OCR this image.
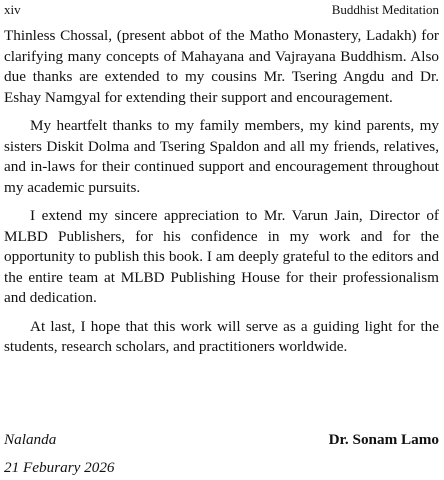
xiv	Buddhist Meditation

Thinless Chossal, (present abbot of the Matho Monastery, Ladakh) for clarifying many concepts of Mahayana and Vajrayana Buddhism. Also due thanks are extended to my cousins Mr. Tsering Angdu and Dr. Eshay Namgyal for extending their support and encouragement.

My heartfelt thanks to my family members, my kind parents, my sisters Diskit Dolma and Tsering Spaldon and all my friends, relatives, and in-laws for their continued support and encouragement throughout my academic pursuits.

I extend my sincere appreciation to Mr. Varun Jain, Director of MLBD Publishers, for his confidence in my work and for the opportunity to publish this book. I am deeply grateful to the editors and the entire team at MLBD Publishing House for their professionalism and dedication.

At last, I hope that this work will serve as a guiding light for the students, research scholars, and practitioners worldwide.

Nalanda	Dr. Sonam Lamo
21 Feburary 2026
